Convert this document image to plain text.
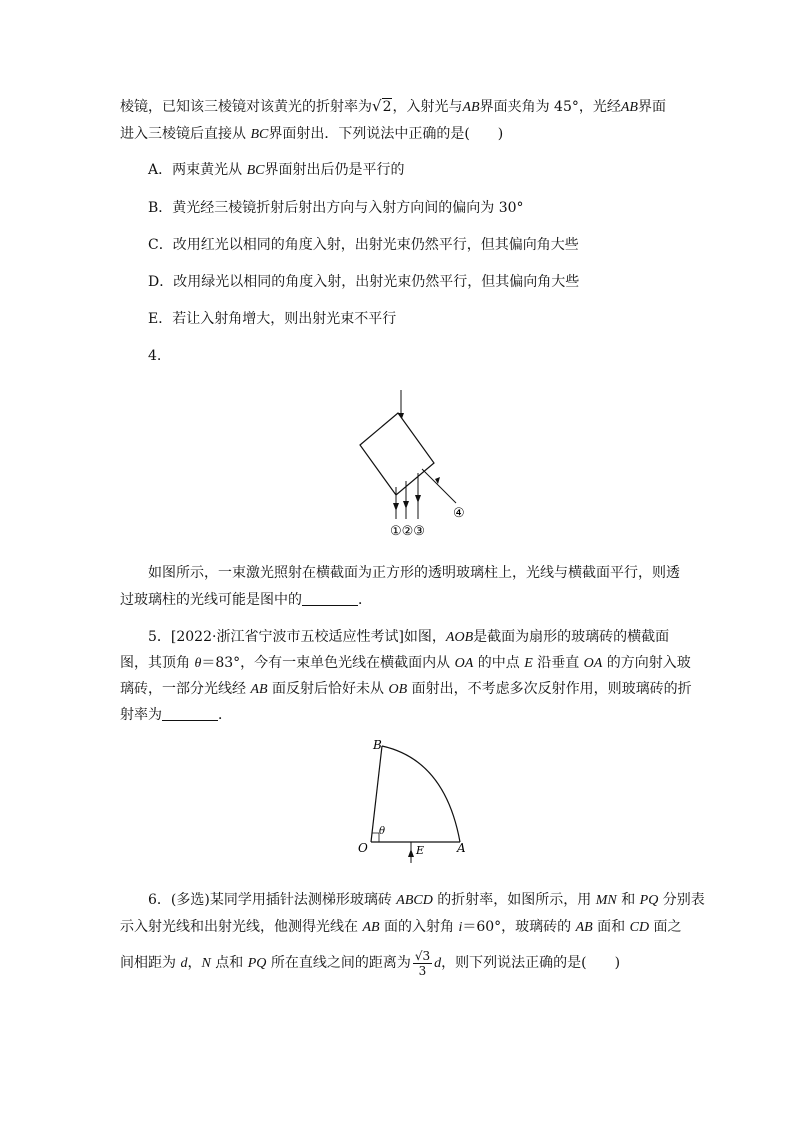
棱镜，已知该三棱镜对该黄光的折射率为√2，入射光与AB界面夹角为 45°，光经AB界面
进入三棱镜后直接从 BC界面射出．下列说法中正确的是(　　)
A．两束黄光从 BC界面射出后仍是平行的
B．黄光经三棱镜折射后射出方向与入射方向间的偏向为 30°
C．改用红光以相同的角度入射，出射光束仍然平行，但其偏向角大些
D．改用绿光以相同的角度入射，出射光束仍然平行，但其偏向角大些
E．若让入射角增大，则出射光束不平行
4.
①②③
④
如图所示，一束激光照射在横截面为正方形的透明玻璃柱上，光线与横截面平行，则透
过玻璃柱的光线可能是图中的	．
5．[2022·浙江省宁波市五校适应性考试]如图，AOB是截面为扇形的玻璃砖的横截面
图，其顶角 θ＝83°，今有一束单色光线在横截面内从 OA 的中点 E 沿垂直 OA 的方向射入玻
璃砖，一部分光线经 AB 面反射后恰好未从 OB 面射出，不考虑多次反射作用，则玻璃砖的折
射率为	．
B
O	A
E
θ
6．(多选)某同学用插针法测梯形玻璃砖 ABCD 的折射率，如图所示，用 MN 和 PQ 分别表
示入射光线和出射光线，他测得光线在 AB 面的入射角 i＝60°，玻璃砖的 AB 面和 CD 面之
间相距为 d，N 点和 PQ 所在直线之间的距离为 $\frac{√3}{3}$ d，则下列说法正确的是(　　)
